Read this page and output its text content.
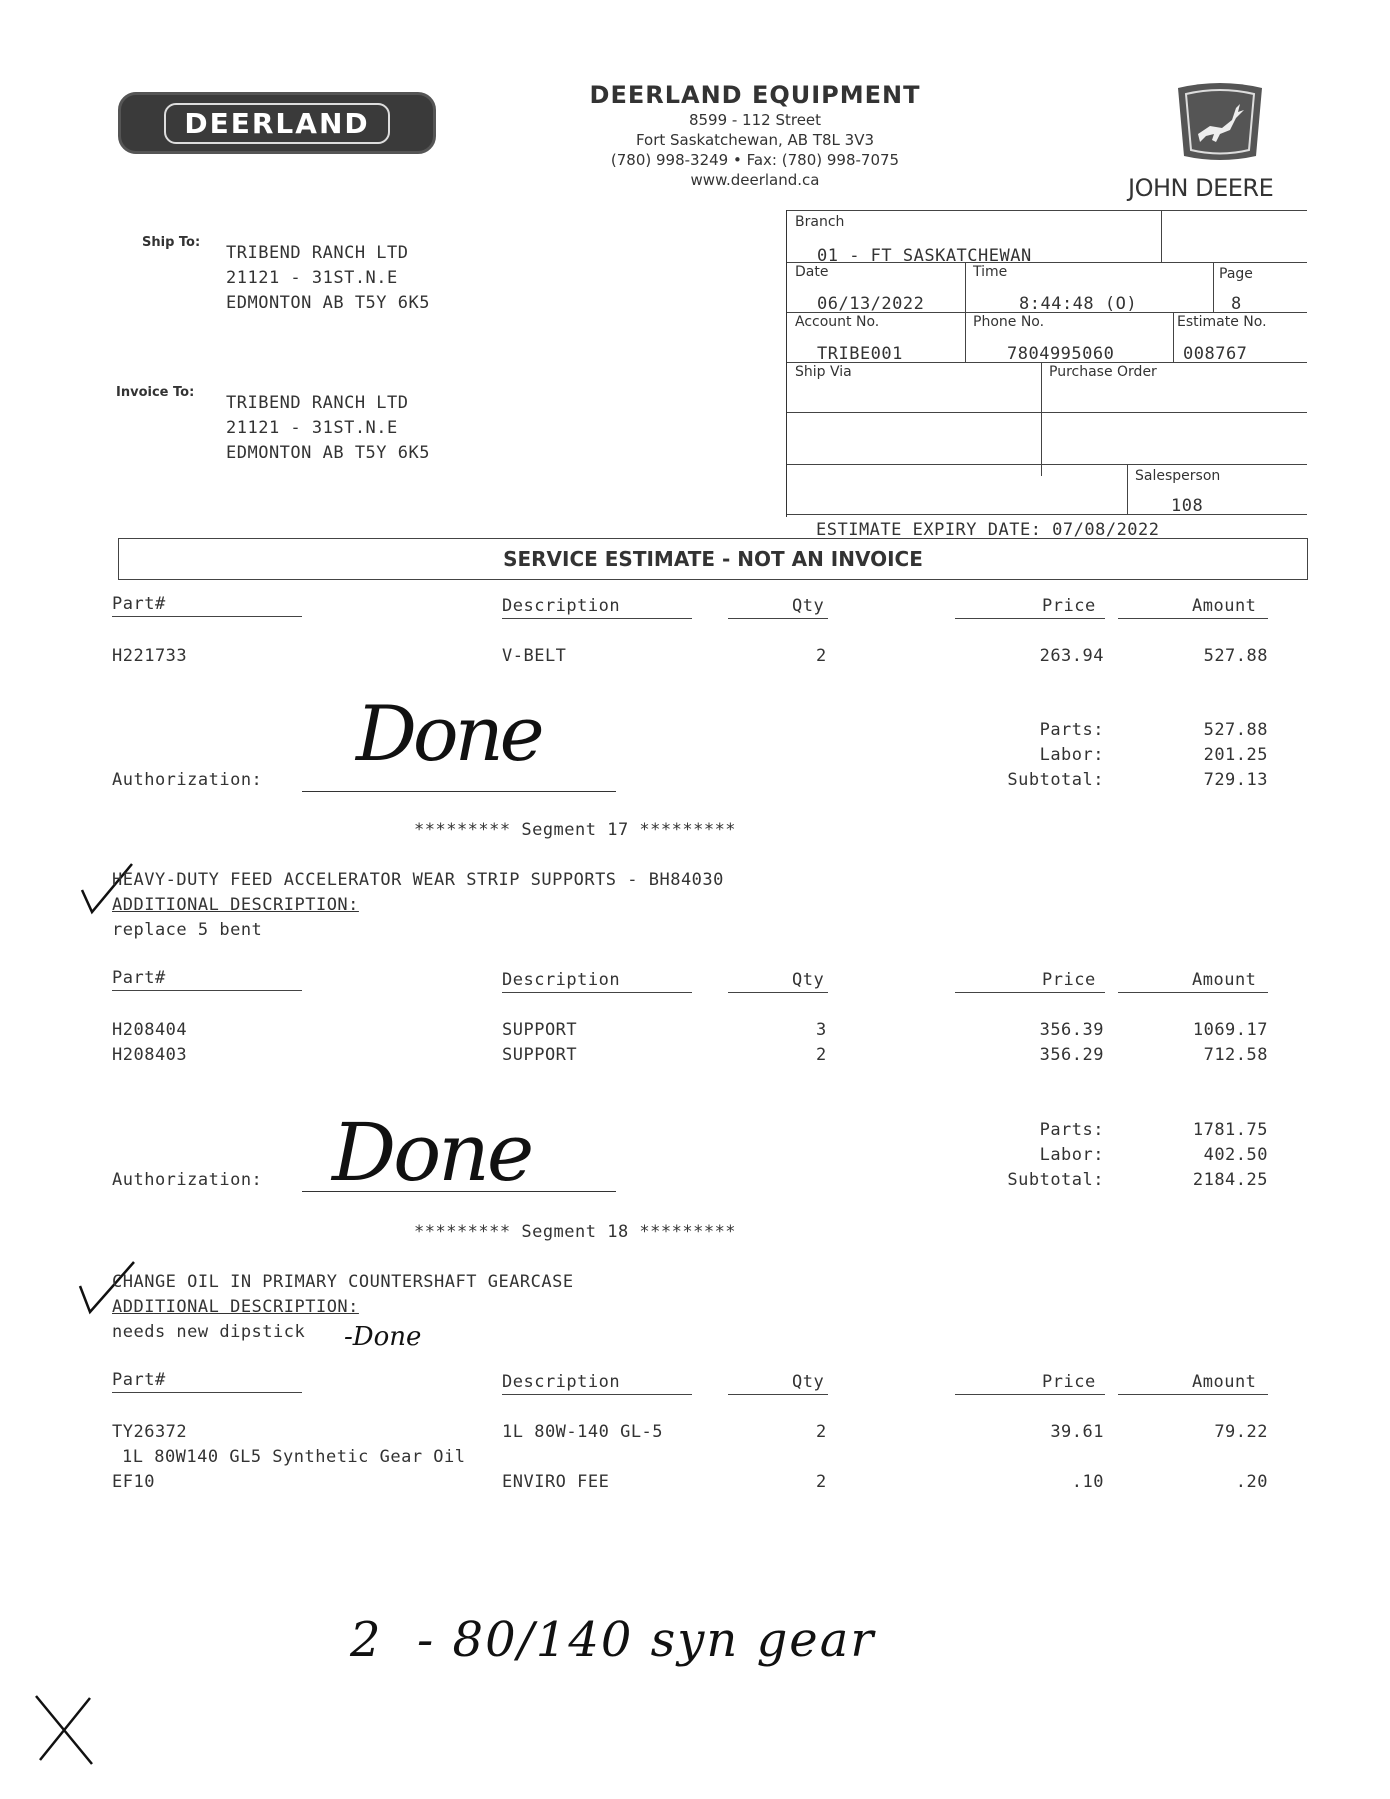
DEERLAND
DEERLAND EQUIPMENT
8599 - 112 Street
Fort Saskatchewan, AB T8L 3V3
(780) 998-3249 • Fax: (780) 998-7075
www.deerland.ca	JOHN DEERE
Ship To:
TRIBEND RANCH LTD
21121 - 31ST.N.E
EDMONTON AB T5Y 6K5
Invoice To:
TRIBEND RANCH LTD
21121 - 31ST.N.E
EDMONTON AB T5Y 6K5
Branch
01 - FT SASKATCHEWAN
Date
06/13/2022
Time
8:44:48 (O)
Page
8
Account No.
TRIBE001
Phone No.
7804995060
Estimate No.
008767
Ship Via	Purchase Order
Salesperson
108
ESTIMATE EXPIRY DATE: 07/08/2022
SERVICE ESTIMATE - NOT AN INVOICE
Part#	Description	Qty	Price	Amount
H221733	V-BELT	2	263.94	527.88
Parts:	527.88
Labor:	201.25
Subtotal:	729.13
Authorization:
Done
********* Segment 17 *********
HEAVY-DUTY FEED ACCELERATOR WEAR STRIP SUPPORTS - BH84030
ADDITIONAL DESCRIPTION:
replace 5 bent
Part#	Description	Qty	Price	Amount
H208404	SUPPORT	3	356.39	1069.17
H208403	SUPPORT	2	356.29	712.58
Parts:	1781.75
Labor:	402.50
Subtotal:	2184.25
Authorization: Done
********* Segment 18 *********
CHANGE OIL IN PRIMARY COUNTERSHAFT GEARCASE
ADDITIONAL DESCRIPTION:
needs new dipstick -Done
Part#	Description	Qty	Price	Amount
TY26372	1L 80W-140 GL-5	2	39.61	79.22
1L 80W140 GL5 Synthetic Gear Oil
EF10	ENVIRO FEE	2	.10	.20
2  - 80/140 syn gear
